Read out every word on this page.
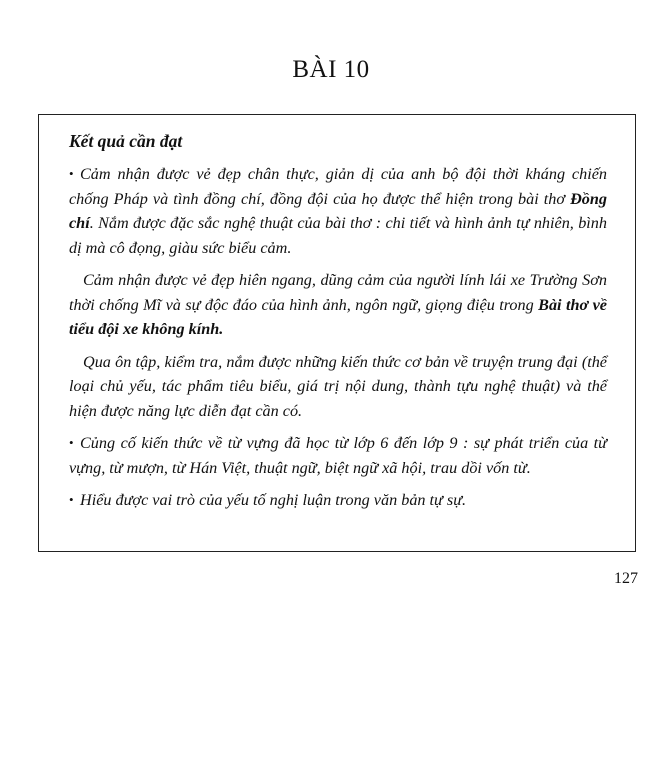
BÀI 10

Kết quả cần đạt

• Cảm nhận được vẻ đẹp chân thực, giản dị của anh bộ đội thời kháng chiến chống Pháp và tình đồng chí, đồng đội của họ được thể hiện trong bài thơ Đồng chí. Nắm được đặc sắc nghệ thuật của bài thơ : chi tiết và hình ảnh tự nhiên, bình dị mà cô đọng, giàu sức biểu cảm.

Cảm nhận được vẻ đẹp hiên ngang, dũng cảm của người lính lái xe Trường Sơn thời chống Mĩ và sự độc đáo của hình ảnh, ngôn ngữ, giọng điệu trong Bài thơ về tiểu đội xe không kính.

Qua ôn tập, kiểm tra, nắm được những kiến thức cơ bản về truyện trung đại (thể loại chủ yếu, tác phẩm tiêu biểu, giá trị nội dung, thành tựu nghệ thuật) và thể hiện được năng lực diễn đạt cần có.

• Củng cố kiến thức về từ vựng đã học từ lớp 6 đến lớp 9 : sự phát triển của từ vựng, từ mượn, từ Hán Việt, thuật ngữ, biệt ngữ xã hội, trau dồi vốn từ.

• Hiểu được vai trò của yếu tố nghị luận trong văn bản tự sự.

127
